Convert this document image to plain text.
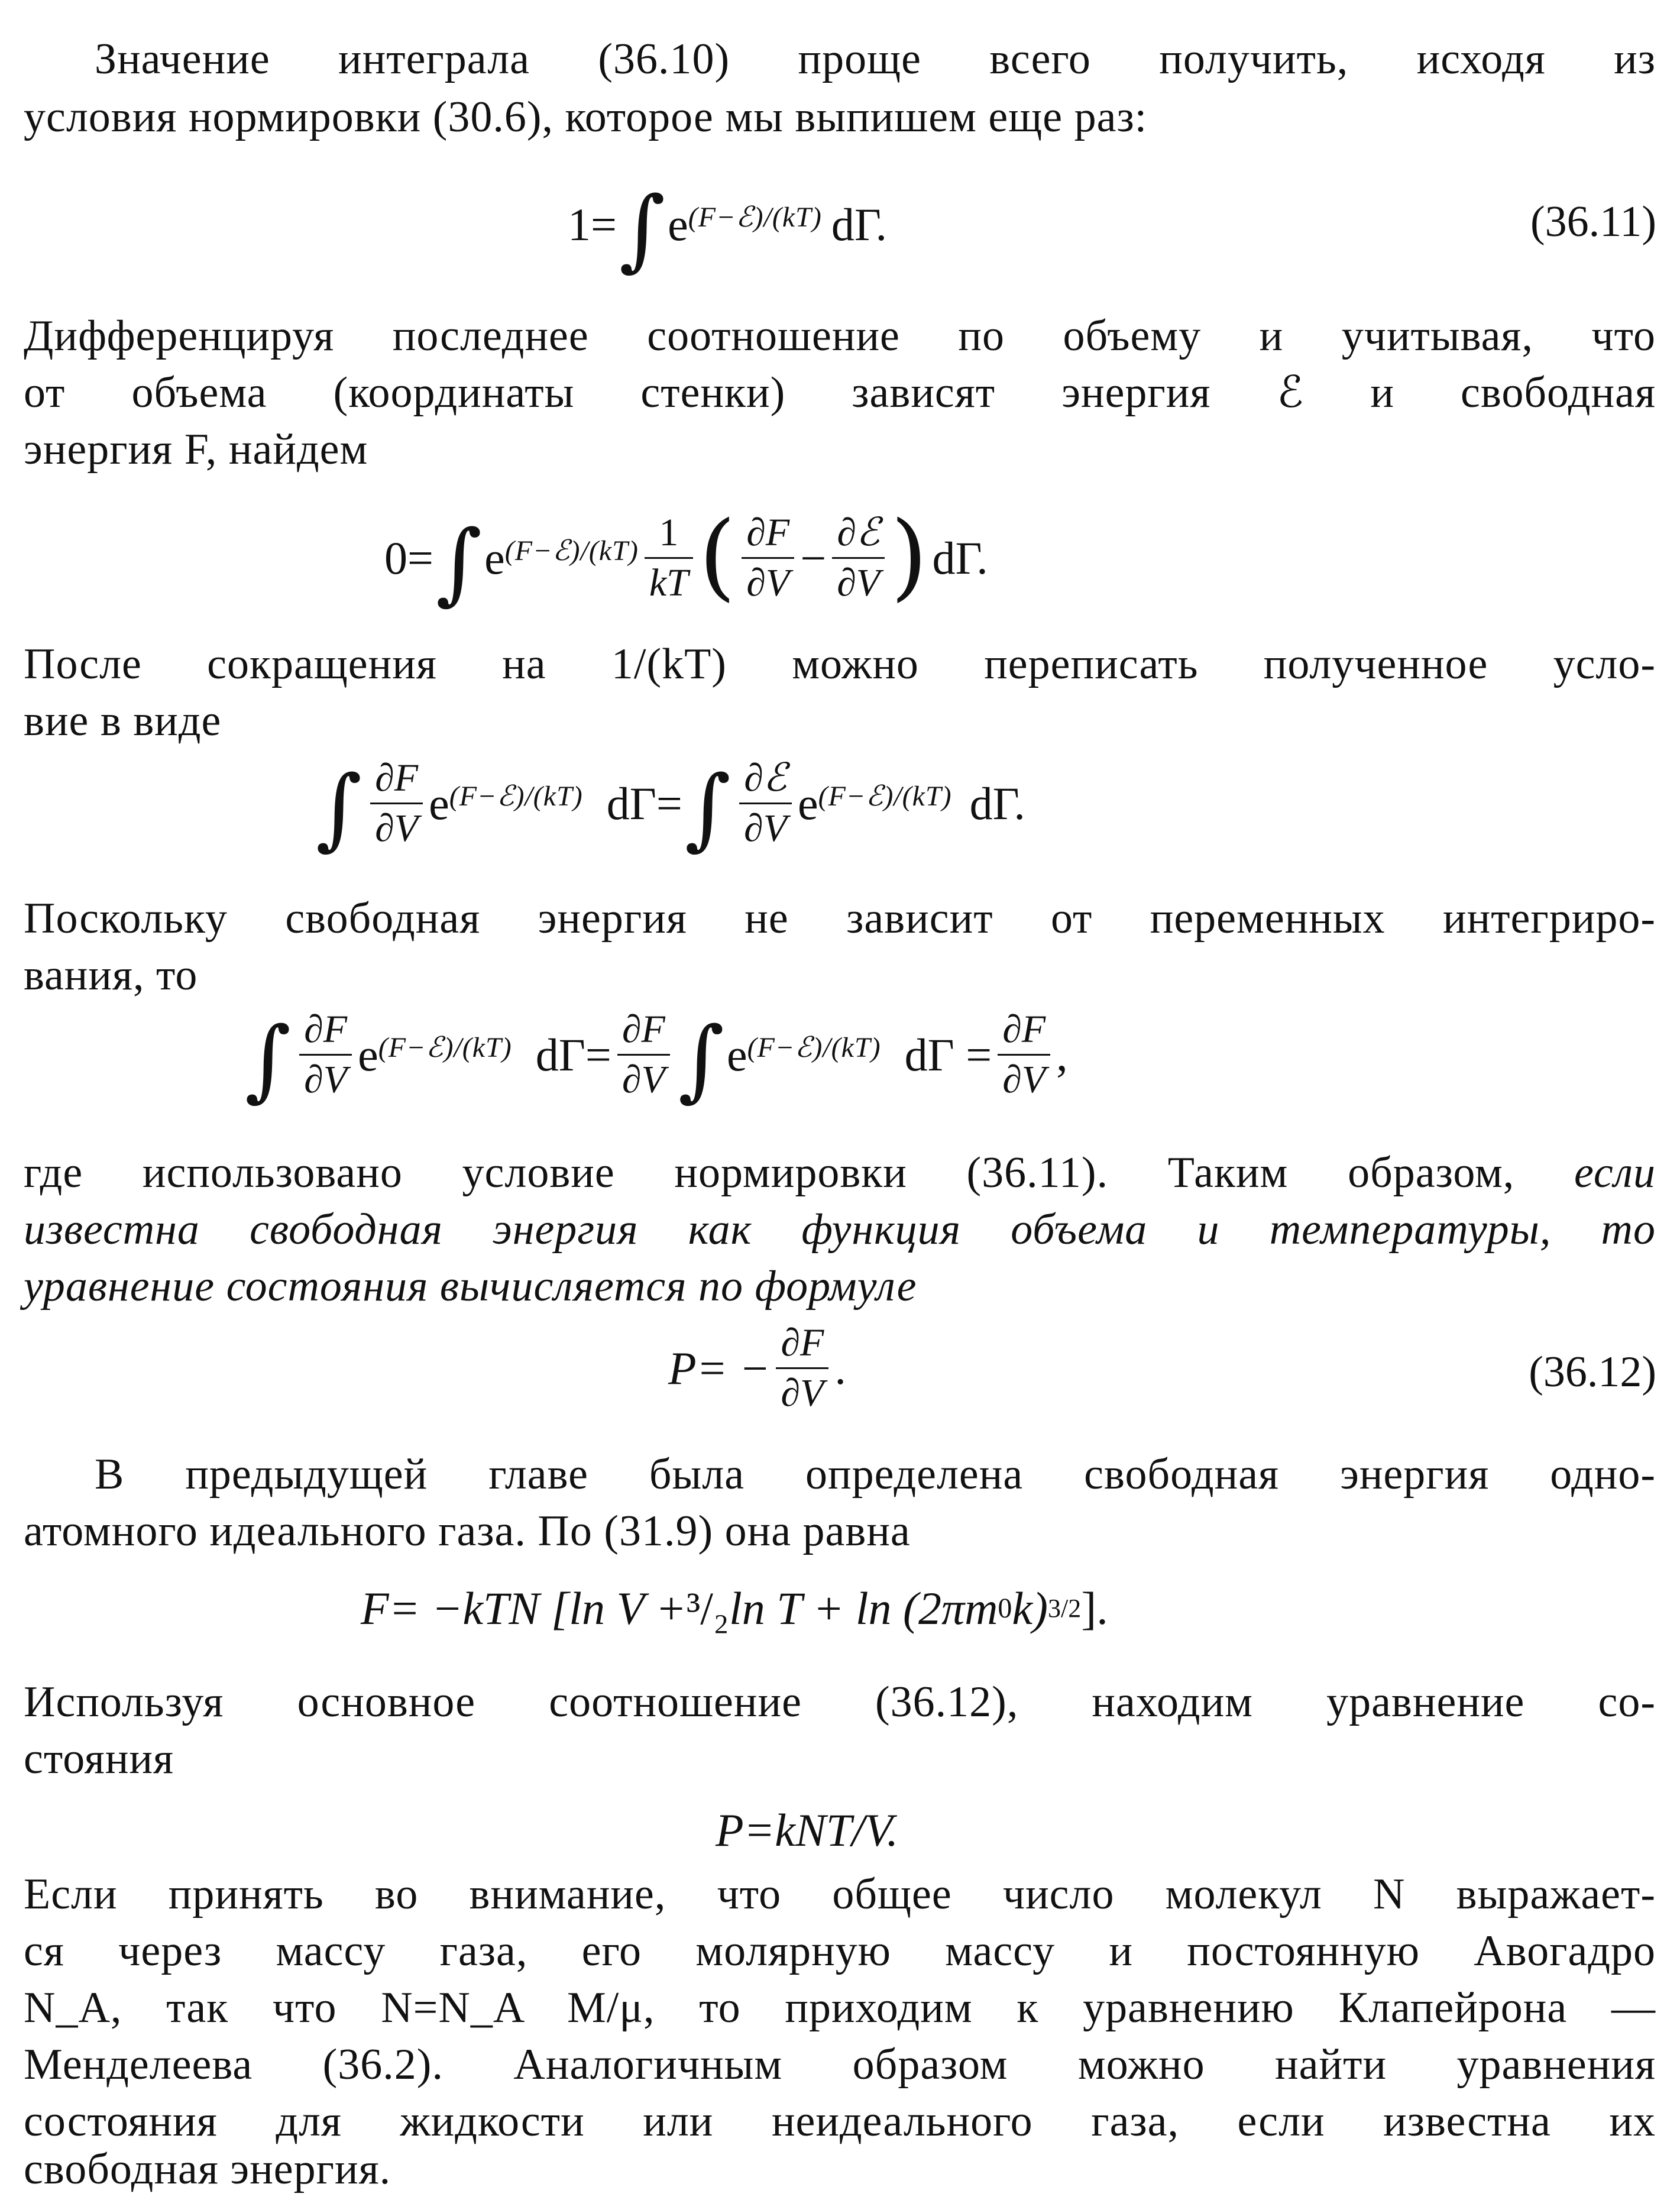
Значение интеграла (36.10) проще всего получить, исходя из
условия нормировки (30.6), которое мы выпишем еще раз:
1= ∫ e (F−ℰ)/(kT) dΓ.	(36.11)
Дифференцируя последнее соотношение по объему и учитывая, что
от объема (координаты стенки) зависят энергия ℰ и свободная
энергия F, найдем
0= ∫ e (F−ℰ)/(kT) $\frac{1}{kT}$ ( $\frac{\partial F}{\partial V} - \frac{\text{∂ℰ}}{\partial V}$ ) dΓ.
После сокращения на 1/(kT) можно переписать полученное усло-
вие в виде
∫ $\frac{\partial F}{\partial V}$ e (F−ℰ)/(kT) dΓ= ∫ $\frac{\text{∂ℰ}}{\partial V}$ e (F−ℰ)/(kT) dΓ.
Поскольку свободная энергия не зависит от переменных интегриро-
вания, то
∫ $\frac{\partial F}{\partial V}$ e (F−ℰ)/(kT) $d\Gamma= \frac{\partial F}{\partial V}$ ∫ e (F−ℰ)/(kT) $d\Gamma = \frac{\partial F}{\partial V}$ ,
где использовано условие нормировки (36.11). Таким образом, если
известна свободная энергия как функция объема и температуры, то
уравнение состояния вычисляется по формуле
$P= - \frac{\partial F}{\partial V}$ .	(36.12)
В предыдущей главе была определена свободная энергия одно-
атомного идеального газа. По (31.9) она равна
F= −kTN [ln V + ³/₂ ln T + ln (2πm 0 k) 3/2 ].
Используя основное соотношение (36.12), находим уравнение со-
стояния
P=kNT/V.
Если принять во внимание, что общее число молекул N выражает-
ся через массу газа, его молярную массу и постоянную Авогадро
N_A, так что N=N_A M/μ, то приходим к уравнению Клапейрона —
Менделеева (36.2). Аналогичным образом можно найти уравнения
состояния для жидкости или неидеального газа, если известна их
свободная энергия.
